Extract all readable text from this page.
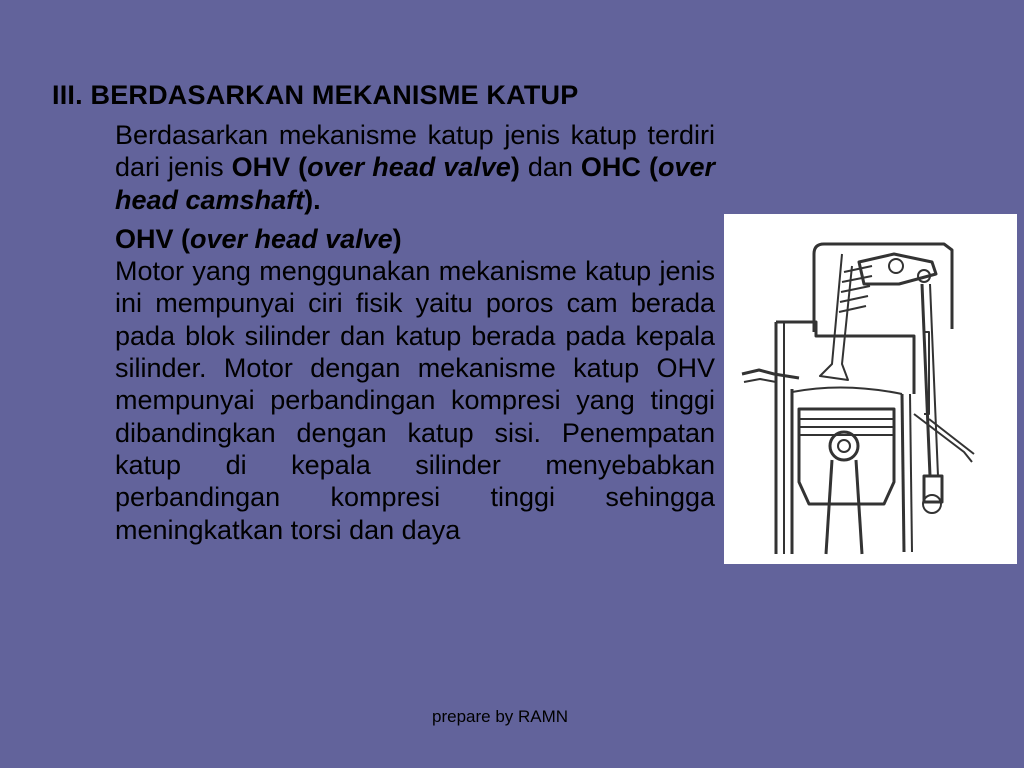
III. BERDASARKAN MEKANISME KATUP
Berdasarkan mekanisme katup jenis katup terdiri dari jenis OHV (over head valve) dan OHC (over head camshaft).
OHV (over head valve)
Motor yang menggunakan mekanisme katup jenis ini mempunyai ciri fisik yaitu poros cam berada pada blok silinder dan katup berada pada kepala silinder. Motor dengan mekanisme katup OHV mempunyai perbandingan kompresi yang tinggi dibandingkan dengan katup sisi. Penempatan katup di kepala silinder menyebabkan perbandingan kompresi tinggi sehingga meningkatkan torsi dan daya
prepare by RAMN
